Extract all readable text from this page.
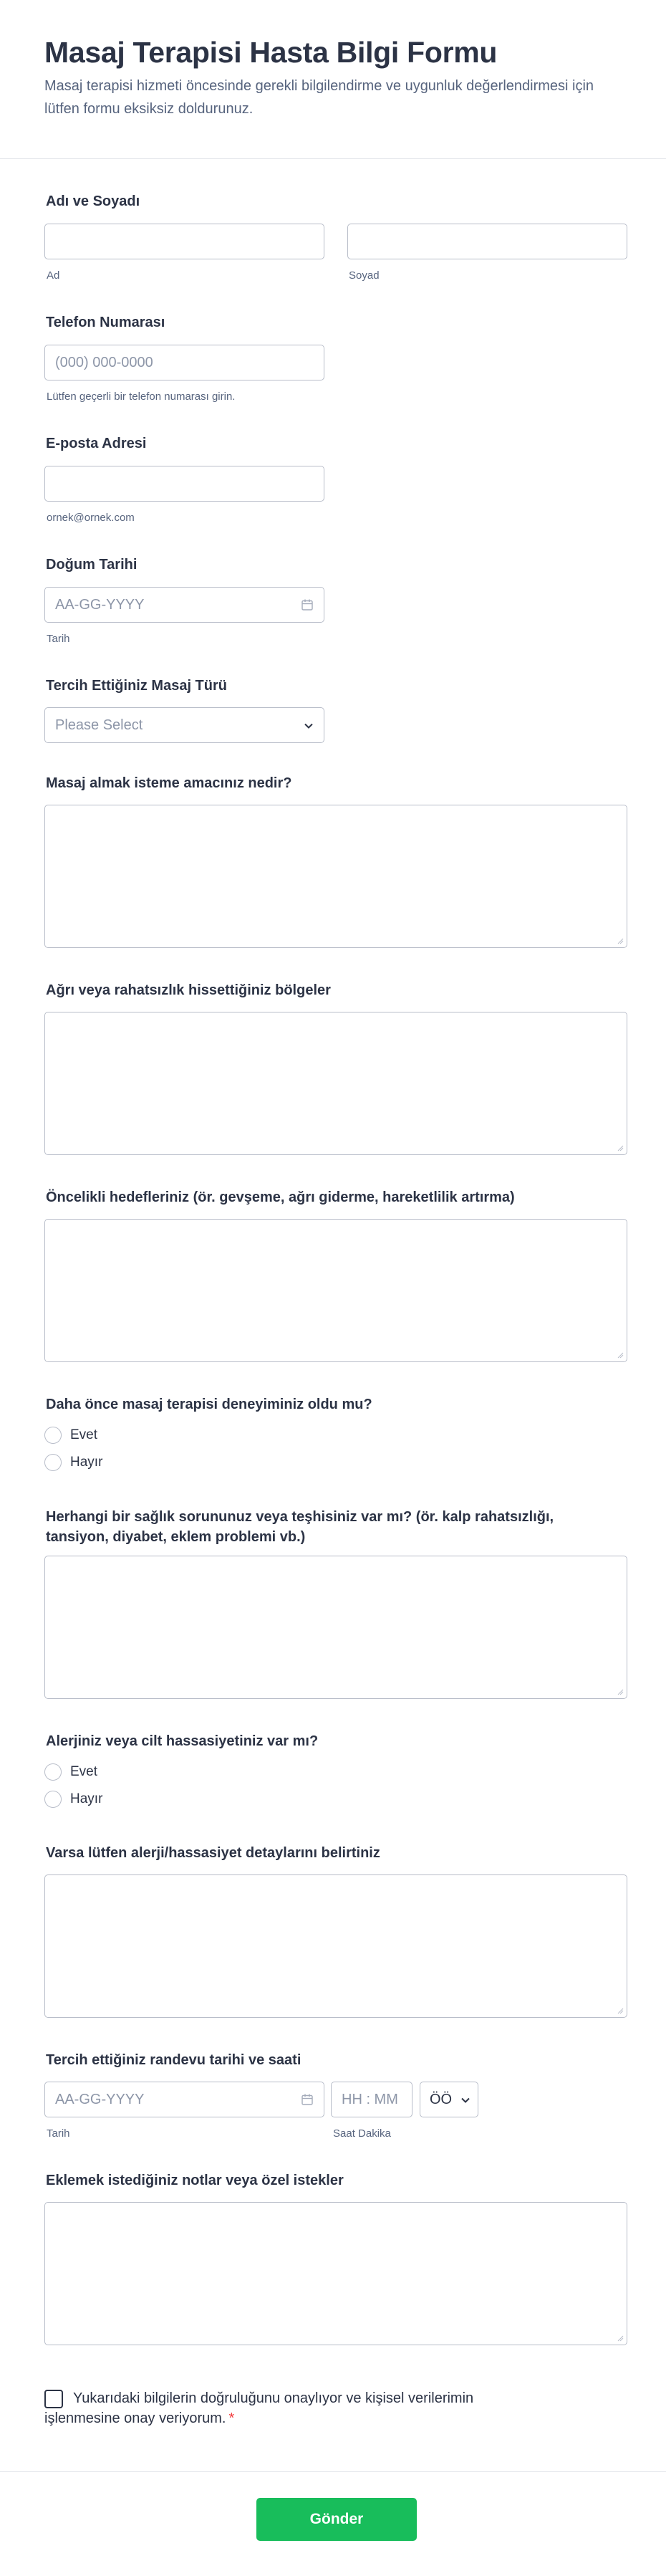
Masaj Terapisi Hasta Bilgi Formu

Masaj terapisi hizmeti öncesinde gerekli bilgilendirme ve uygunluk değerlendirmesi için lütfen formu eksiksiz doldurunuz.

Adı ve Soyadı
Ad	Soyad
Telefon Numarası
(000) 000-0000
Lütfen geçerli bir telefon numarası girin.
E-posta Adresi
ornek@ornek.com
Doğum Tarihi
AA-GG-YYYY
Tarih
Tercih Ettiğiniz Masaj Türü
Please Select
Masaj almak isteme amacınız nedir?
Ağrı veya rahatsızlık hissettiğiniz bölgeler
Öncelikli hedefleriniz (ör. gevşeme, ağrı giderme, hareketlilik artırma)
Daha önce masaj terapisi deneyiminiz oldu mu?
Evet
Hayır
Herhangi bir sağlık sorununuz veya teşhisiniz var mı? (ör. kalp rahatsızlığı, tansiyon, diyabet, eklem problemi vb.)
Alerjiniz veya cilt hassasiyetiniz var mı?
Evet
Hayır
Varsa lütfen alerji/hassasiyet detaylarını belirtiniz
Tercih ettiğiniz randevu tarihi ve saati
AA-GG-YYYY
Tarih
HH : MM
Saat Dakika
ÖÖ
Eklemek istediğiniz notlar veya özel istekler

Yukarıdaki bilgilerin doğruluğunu onaylıyor ve kişisel verilerimin işlenmesine onay veriyorum. *

Gönder
